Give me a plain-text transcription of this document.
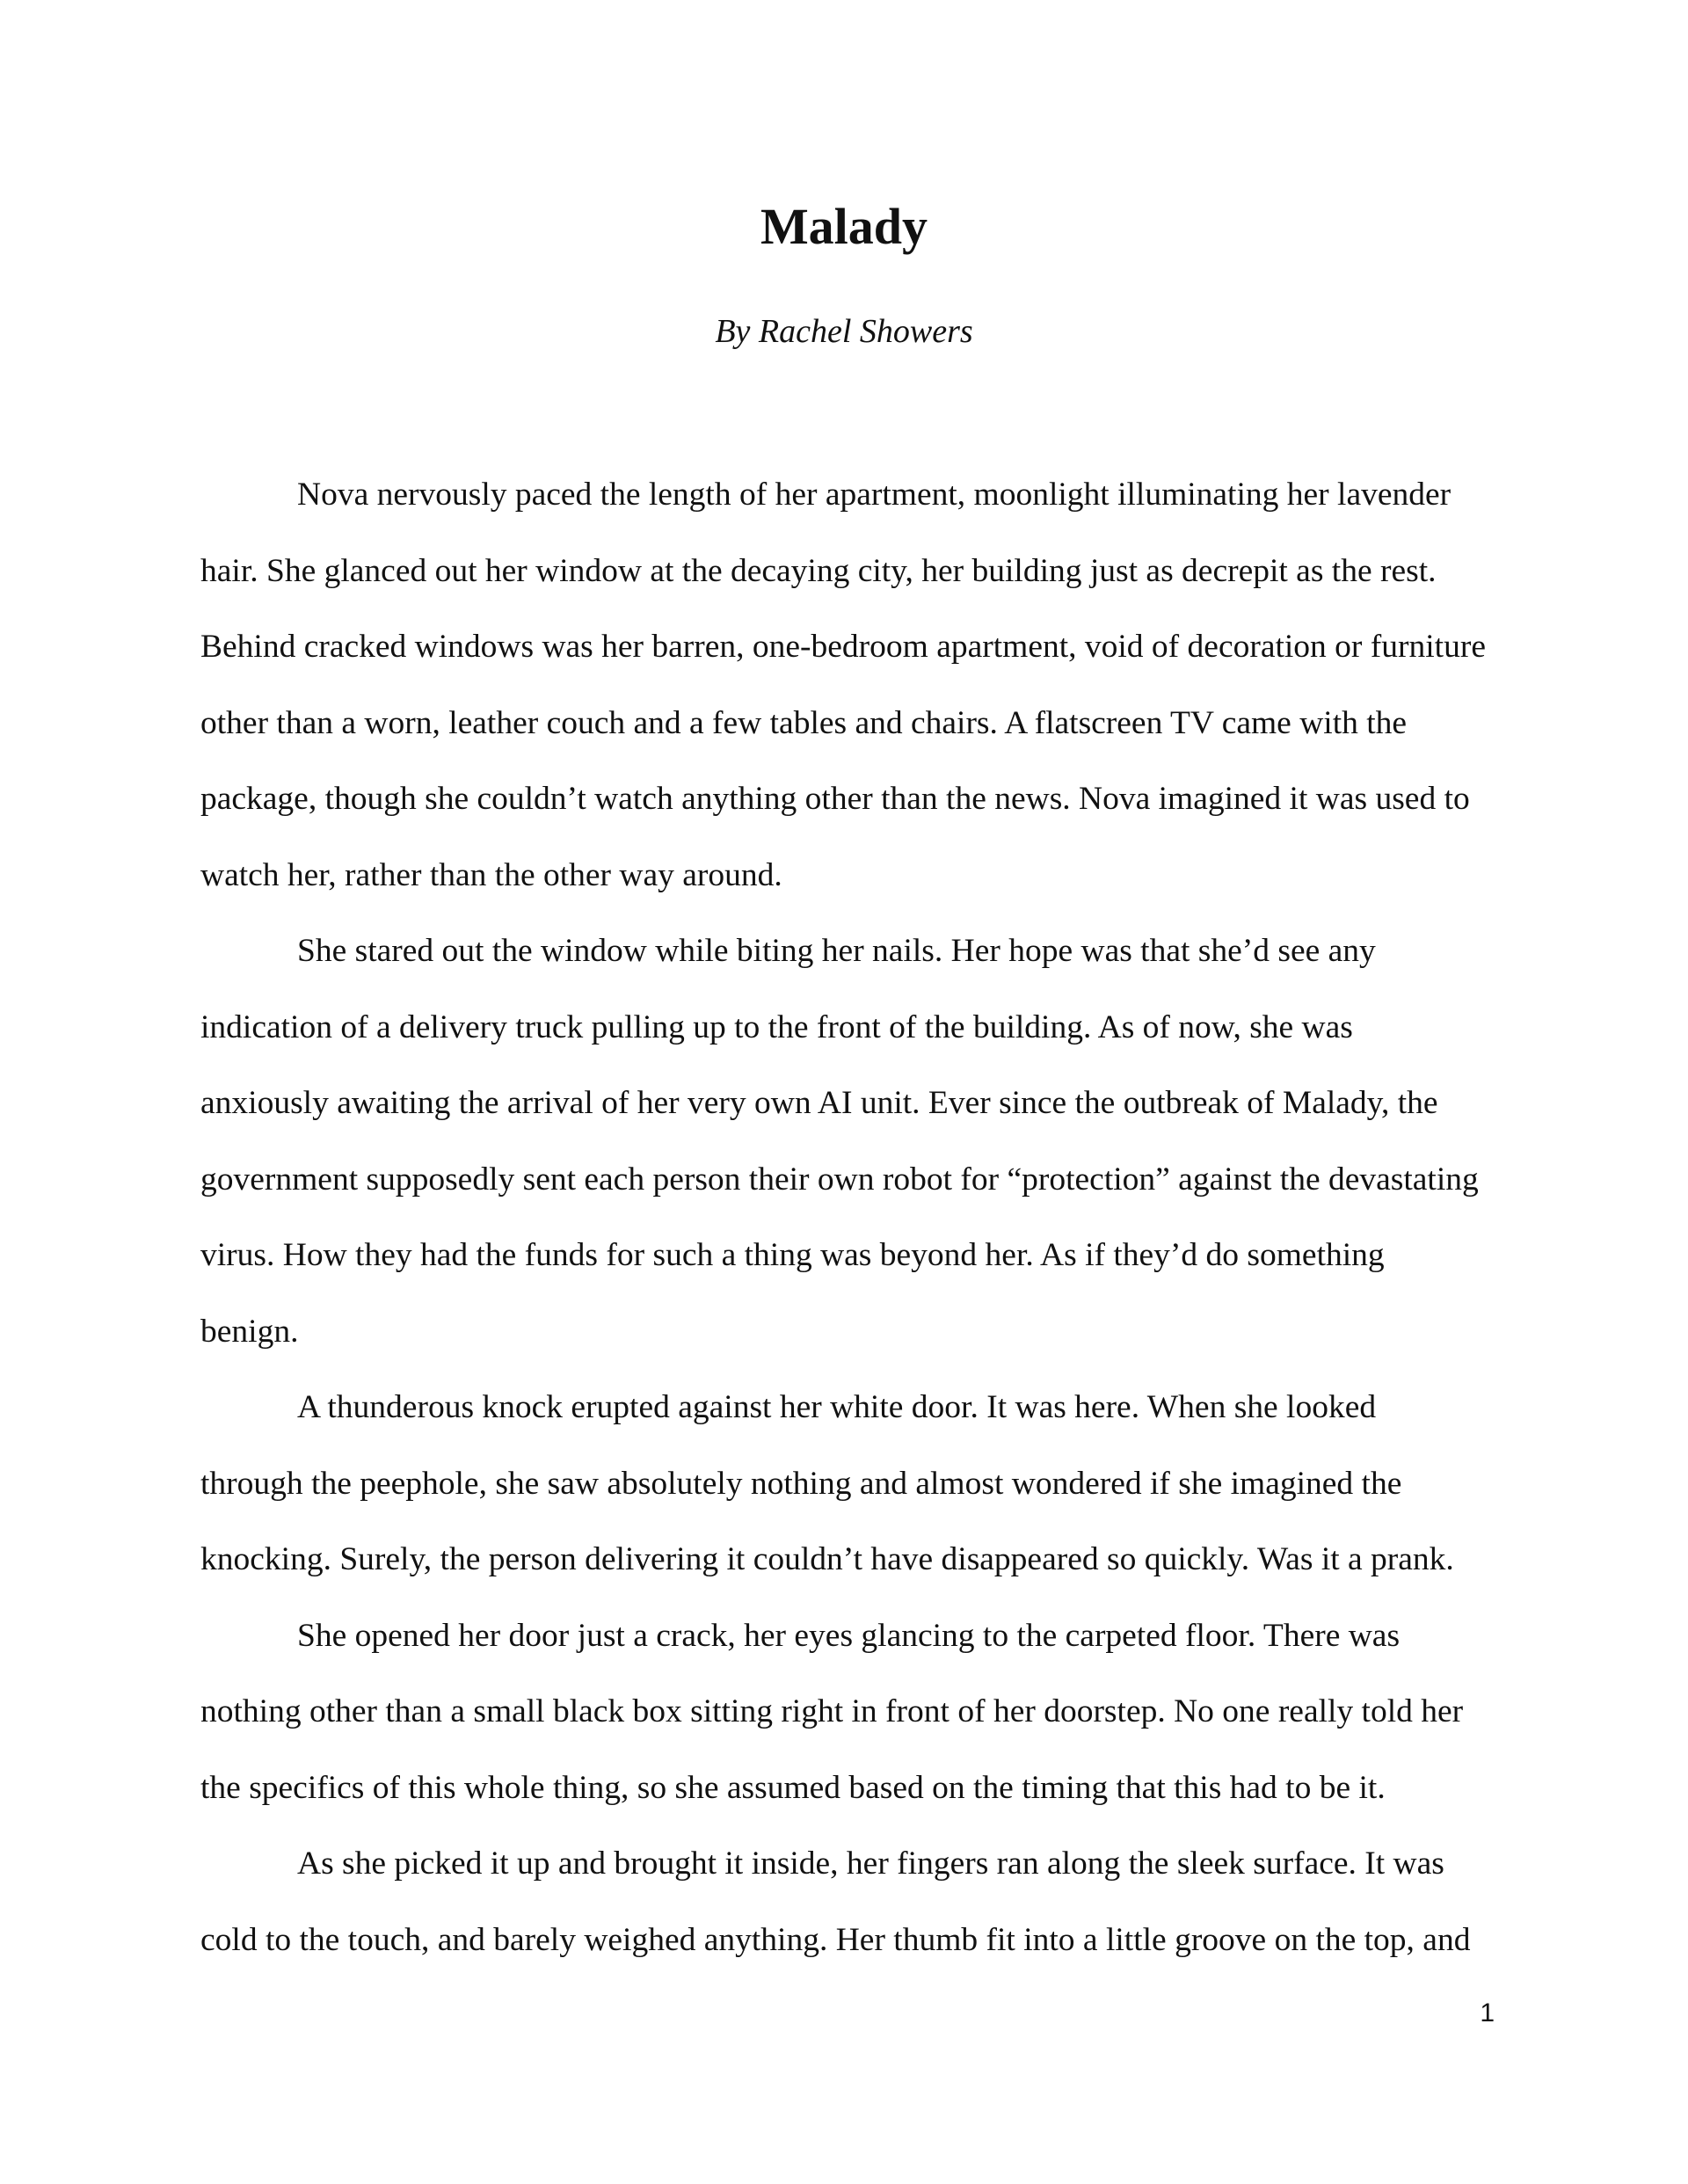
Malady
By Rachel Showers

Nova nervously paced the length of her apartment, moonlight illuminating her lavender
hair. She glanced out her window at the decaying city, her building just as decrepit as the rest.
Behind cracked windows was her barren, one-bedroom apartment, void of decoration or furniture
other than a worn, leather couch and a few tables and chairs. A flatscreen TV came with the
package, though she couldn’t watch anything other than the news. Nova imagined it was used to
watch her, rather than the other way around.

She stared out the window while biting her nails. Her hope was that she’d see any
indication of a delivery truck pulling up to the front of the building. As of now, she was
anxiously awaiting the arrival of her very own AI unit. Ever since the outbreak of Malady, the
government supposedly sent each person their own robot for “protection” against the devastating
virus. How they had the funds for such a thing was beyond her. As if they’d do something
benign.

A thunderous knock erupted against her white door. It was here. When she looked
through the peephole, she saw absolutely nothing and almost wondered if she imagined the
knocking. Surely, the person delivering it couldn’t have disappeared so quickly. Was it a prank.

She opened her door just a crack, her eyes glancing to the carpeted floor. There was
nothing other than a small black box sitting right in front of her doorstep. No one really told her
the specifics of this whole thing, so she assumed based on the timing that this had to be it.

As she picked it up and brought it inside, her fingers ran along the sleek surface. It was
cold to the touch, and barely weighed anything. Her thumb fit into a little groove on the top, and

1
